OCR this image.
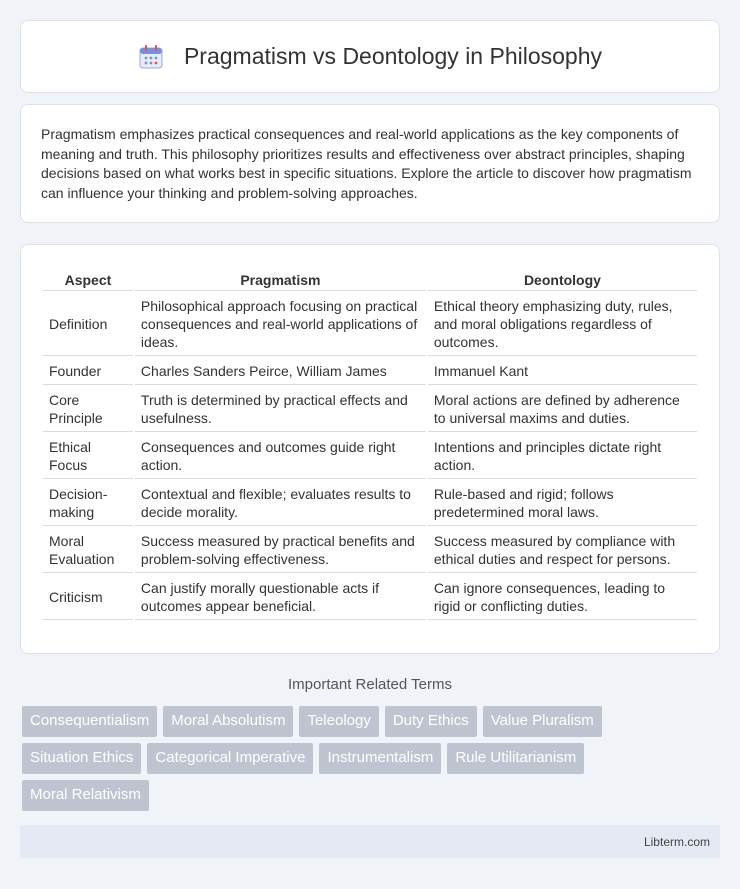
Pragmatism vs Deontology in Philosophy

Pragmatism emphasizes practical consequences and real-world applications as the key components of meaning and truth. This philosophy prioritizes results and effectiveness over abstract principles, shaping decisions based on what works best in specific situations. Explore the article to discover how pragmatism can influence your thinking and problem-solving approaches.

Aspect	Pragmatism	Deontology
Definition	Philosophical approach focusing on practical consequences and real-world applications of ideas.	Ethical theory emphasizing duty, rules, and moral obligations regardless of outcomes.
Founder	Charles Sanders Peirce, William James	Immanuel Kant
Core Principle	Truth is determined by practical effects and usefulness.	Moral actions are defined by adherence to universal maxims and duties.
Ethical Focus	Consequences and outcomes guide right action.	Intentions and principles dictate right action.
Decision-making	Contextual and flexible; evaluates results to decide morality.	Rule-based and rigid; follows predetermined moral laws.
Moral Evaluation	Success measured by practical benefits and problem-solving effectiveness.	Success measured by compliance with ethical duties and respect for persons.
Criticism	Can justify morally questionable acts if outcomes appear beneficial.	Can ignore consequences, leading to rigid or conflicting duties.
Important Related Terms
Consequentialism	Moral Absolutism	Teleology	Duty Ethics	Value Pluralism
Situation Ethics	Categorical Imperative	Instrumentalism	Rule Utilitarianism
Moral Relativism
Libterm.com
